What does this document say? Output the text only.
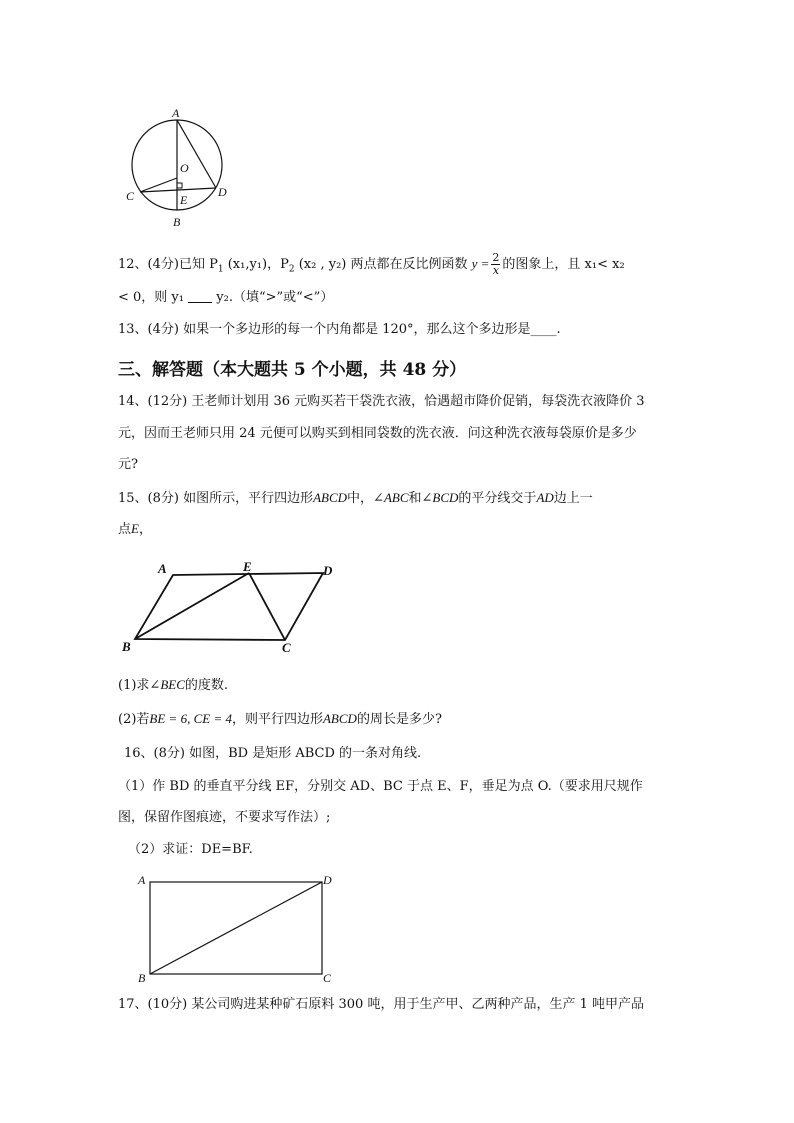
A
O
C	E
D
B
12、(4分)已知 $P_1$ (x₁,y₁)，$P_2$ (x₂ , y₂) 两点都在反比例函数 $y = \frac{2}{x}$ 的图象上，且 x₁< x₂
< 0，则 y₁ y₂.（填“>”或“<”）
13、(4分) 如果一个多边形的每一个内角都是 120°，那么这个多边形是____.
三、解答题（本大题共 5 个小题，共 48 分）
14、(12分) 王老师计划用 36 元购买若干袋洗衣液，恰遇超市降价促销，每袋洗衣液降价 3
元，因而王老师只用 24 元便可以购买到相同袋数的洗衣液．问这种洗衣液每袋原价是多少
元?
15、(8分) 如图所示，平行四边形ABCD中，∠ABC和∠BCD的平分线交于AD边上一
点E，
A	E	D
B	C
(1)求∠BEC的度数.
(2)若BE = 6, CE = 4，则平行四边形ABCD的周长是多少?
16、(8分) 如图，BD 是矩形 ABCD 的一条对角线.
（1）作 BD 的垂直平分线 EF，分别交 AD、BC 于点 E、F，垂足为点 O.（要求用尺规作
图，保留作图痕迹，不要求写作法）;
（2）求证：DE=BF.
A	D
B	C
17、(10分) 某公司购进某种矿石原料 300 吨，用于生产甲、乙两种产品，生产 1 吨甲产品
